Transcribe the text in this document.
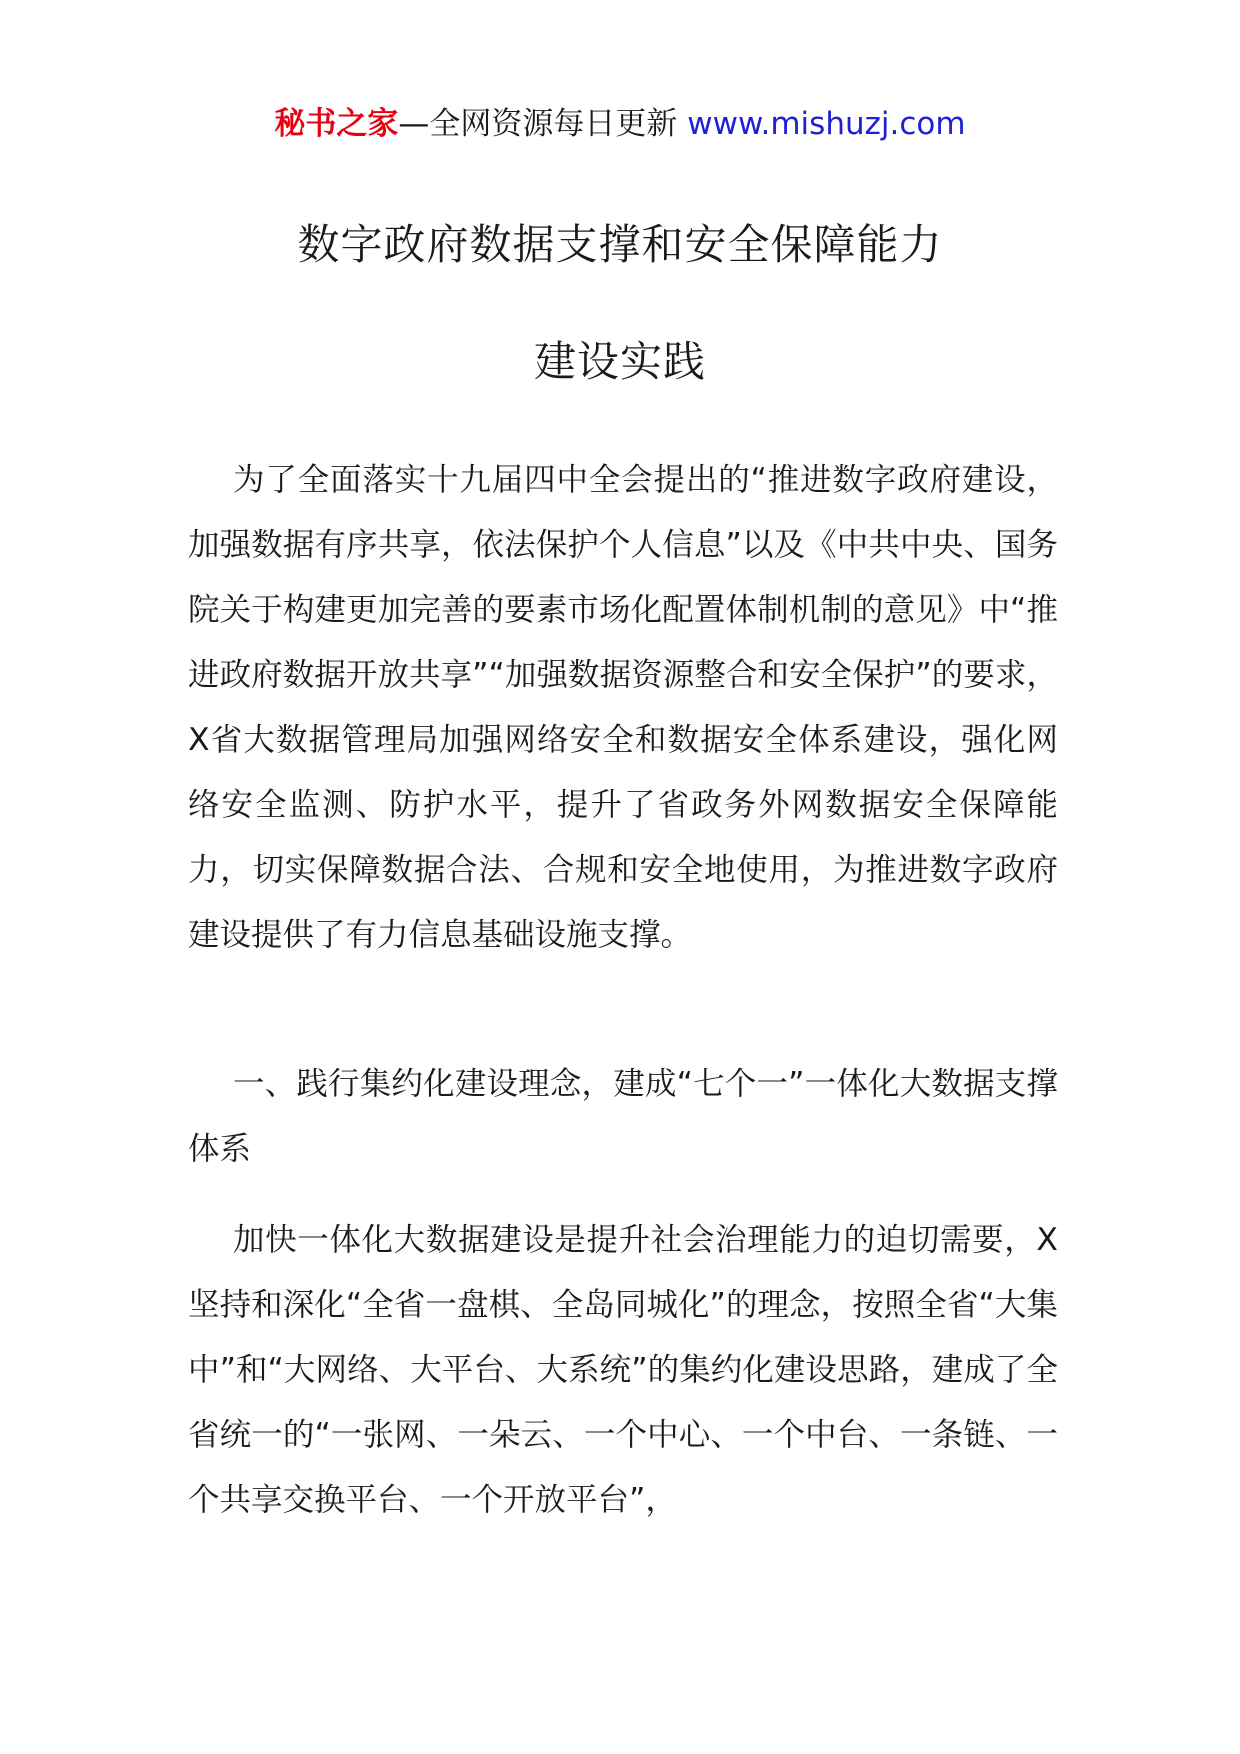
秘书之家—全网资源每日更新 www.mishuzj.com
数字政府数据支撑和安全保障能力
建设实践

为了全面落实十九届四中全会提出的“推进数字政府建设，加强数据有序共享，依法保护个人信息”以及《中共中央、国务院关于构建更加完善的要素市场化配置体制机制的意见》中“推进政府数据开放共享”“加强数据资源整合和安全保护”的要求，X省大数据管理局加强网络安全和数据安全体系建设，强化网络安全监测、防护水平，提升了省政务外网数据安全保障能力，切实保障数据合法、合规和安全地使用，为推进数字政府建设提供了有力信息基础设施支撑。

一、践行集约化建设理念，建成“七个一”一体化大数据支撑体系

加快一体化大数据建设是提升社会治理能力的迫切需要，X坚持和深化“全省一盘棋、全岛同城化”的理念，按照全省“大集中”和“大网络、大平台、大系统”的集约化建设思路，建成了全省统一的“一张网、一朵云、一个中心、一个中台、一条链、一个共享交换平台、一个开放平台”，
